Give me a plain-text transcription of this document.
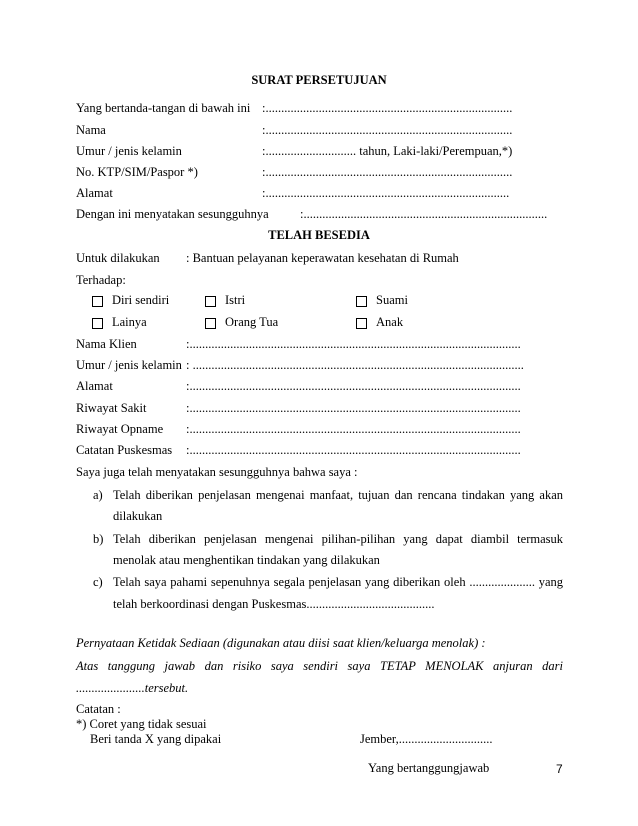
SURAT PERSETUJUAN
Yang bertanda-tangan di bawah ini :...............................................................................
Nama	:...............................................................................
Umur / jenis kelamin	:............................. tahun, Laki-laki/Perempuan,*)
No. KTP/SIM/Paspor *)	:...............................................................................
Alamat	:..............................................................................
Dengan ini menyatakan sesungguhnya	:..............................................................................
TELAH BESEDIA
Untuk dilakukan : Bantuan pelayanan keperawatan kesehatan di Rumah
Terhadap:
Diri sendiri	Istri	Suami
Lainya	Orang Tua	Anak
Nama Klien	:..........................................................................................................
Umur / jenis kelamin : ..........................................................................................................
Alamat	:..........................................................................................................
Riwayat Sakit	:..........................................................................................................
Riwayat Opname :..........................................................................................................
Catatan Puskesmas :..........................................................................................................
Saya juga telah menyatakan sesungguhnya bahwa saya :
a) Telah diberikan penjelasan mengenai manfaat, tujuan dan rencana tindakan yang akan
dilakukan
b) Telah diberikan penjelasan mengenai pilihan-pilihan yang dapat diambil termasuk
menolak atau menghentikan tindakan yang dilakukan
c) Telah saya pahami sepenuhnya segala penjelasan yang diberikan oleh ..................... yang
telah berkoordinasi dengan Puskesmas.........................................
Pernyataan Ketidak Sediaan (digunakan atau diisi saat klien/keluarga menolak) :
Atas tanggung jawab dan risiko saya sendiri saya TETAP MENOLAK anjuran dari
......................tersebut.
Catatan :
*) Coret yang tidak sesuai
Beri tanda X yang dipakai	Jember,..............................
Yang bertanggungjawab	7
